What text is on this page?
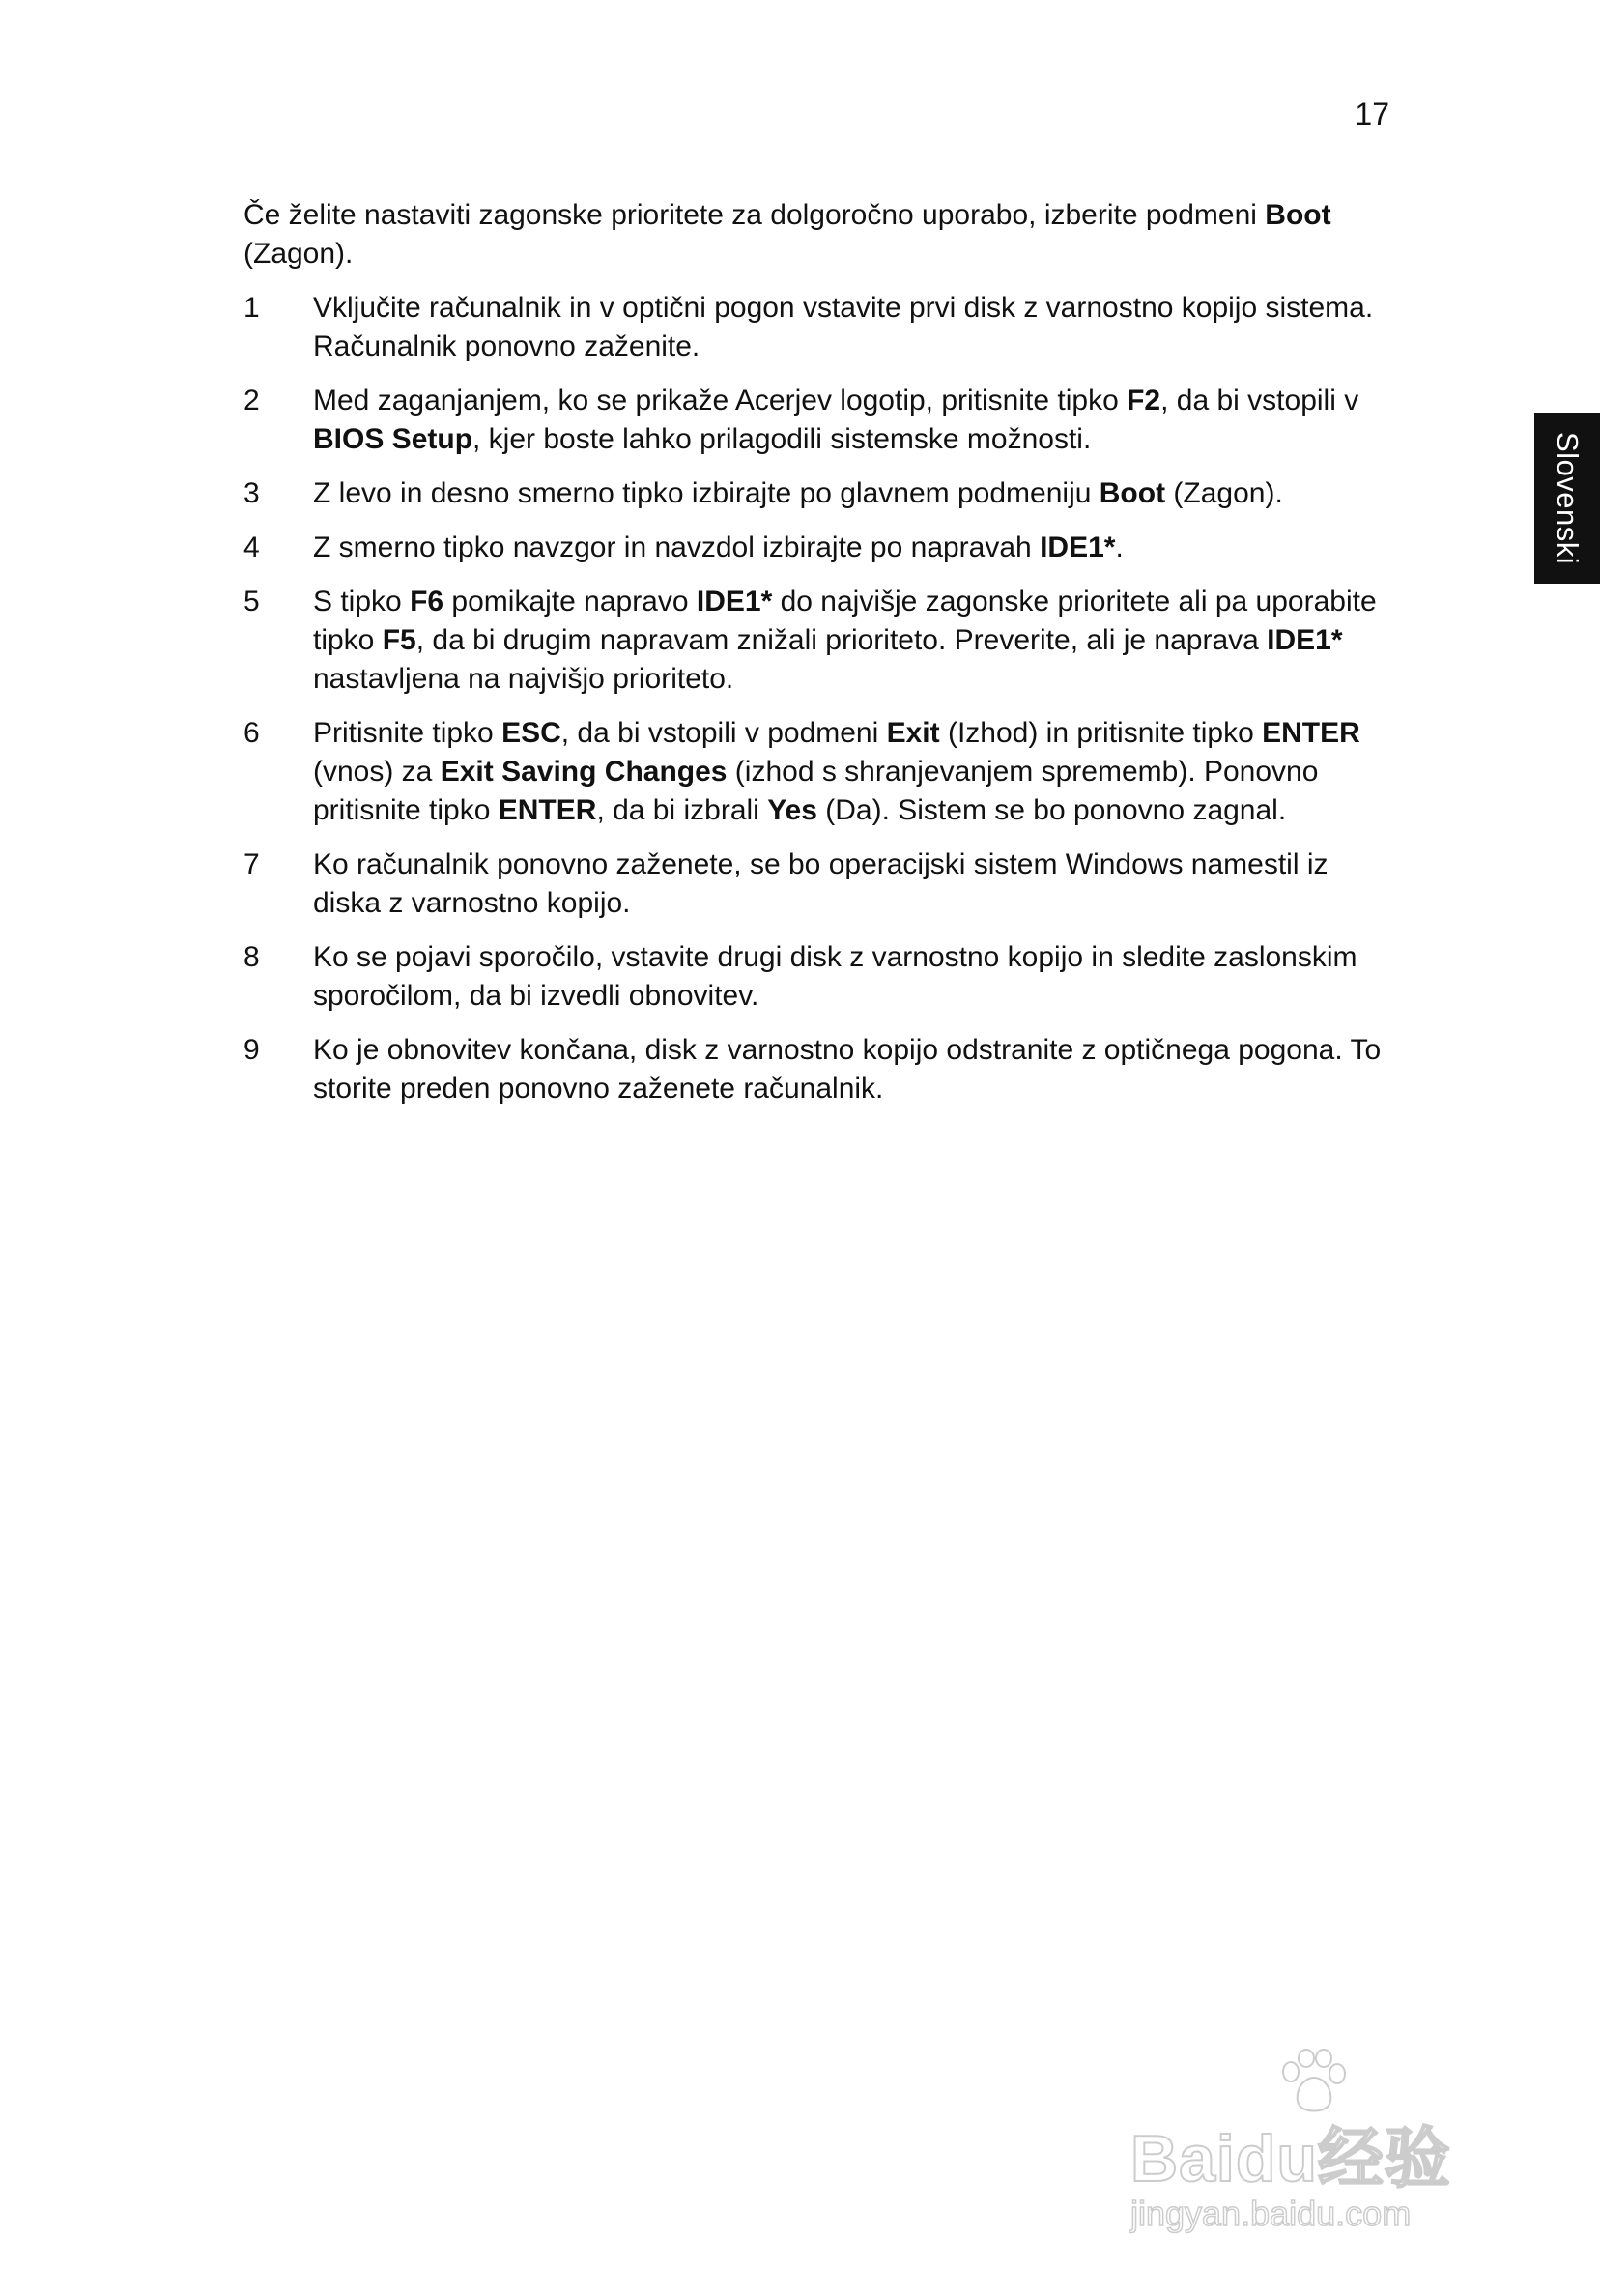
17
Slovenski

Če želite nastaviti zagonske prioritete za dolgoročno uporabo, izberite podmeni Boot (Zagon).

1	Vključite računalnik in v optični pogon vstavite prvi disk z varnostno kopijo sistema. Računalnik ponovno zaženite.
2	Med zaganjanjem, ko se prikaže Acerjev logotip, pritisnite tipko F2, da bi vstopili v BIOS Setup, kjer boste lahko prilagodili sistemske možnosti.
3	Z levo in desno smerno tipko izbirajte po glavnem podmeniju Boot (Zagon).
4	Z smerno tipko navzgor in navzdol izbirajte po napravah IDE1*.
5	S tipko F6 pomikajte napravo IDE1* do najvišje zagonske prioritete ali pa uporabite tipko F5, da bi drugim napravam znižali prioriteto. Preverite, ali je naprava IDE1* nastavljena na najvišjo prioriteto.
6	Pritisnite tipko ESC, da bi vstopili v podmeni Exit (Izhod) in pritisnite tipko ENTER (vnos) za Exit Saving Changes (izhod s shranjevanjem sprememb). Ponovno pritisnite tipko ENTER, da bi izbrali Yes (Da). Sistem se bo ponovno zagnal.
7	Ko računalnik ponovno zaženete, se bo operacijski sistem Windows namestil iz diska z varnostno kopijo.
8	Ko se pojavi sporočilo, vstavite drugi disk z varnostno kopijo in sledite zaslonskim sporočilom, da bi izvedli obnovitev.
9	Ko je obnovitev končana, disk z varnostno kopijo odstranite z optičnega pogona. To storite preden ponovno zaženete računalnik.
Baidu经验
jingyan.baidu.com
